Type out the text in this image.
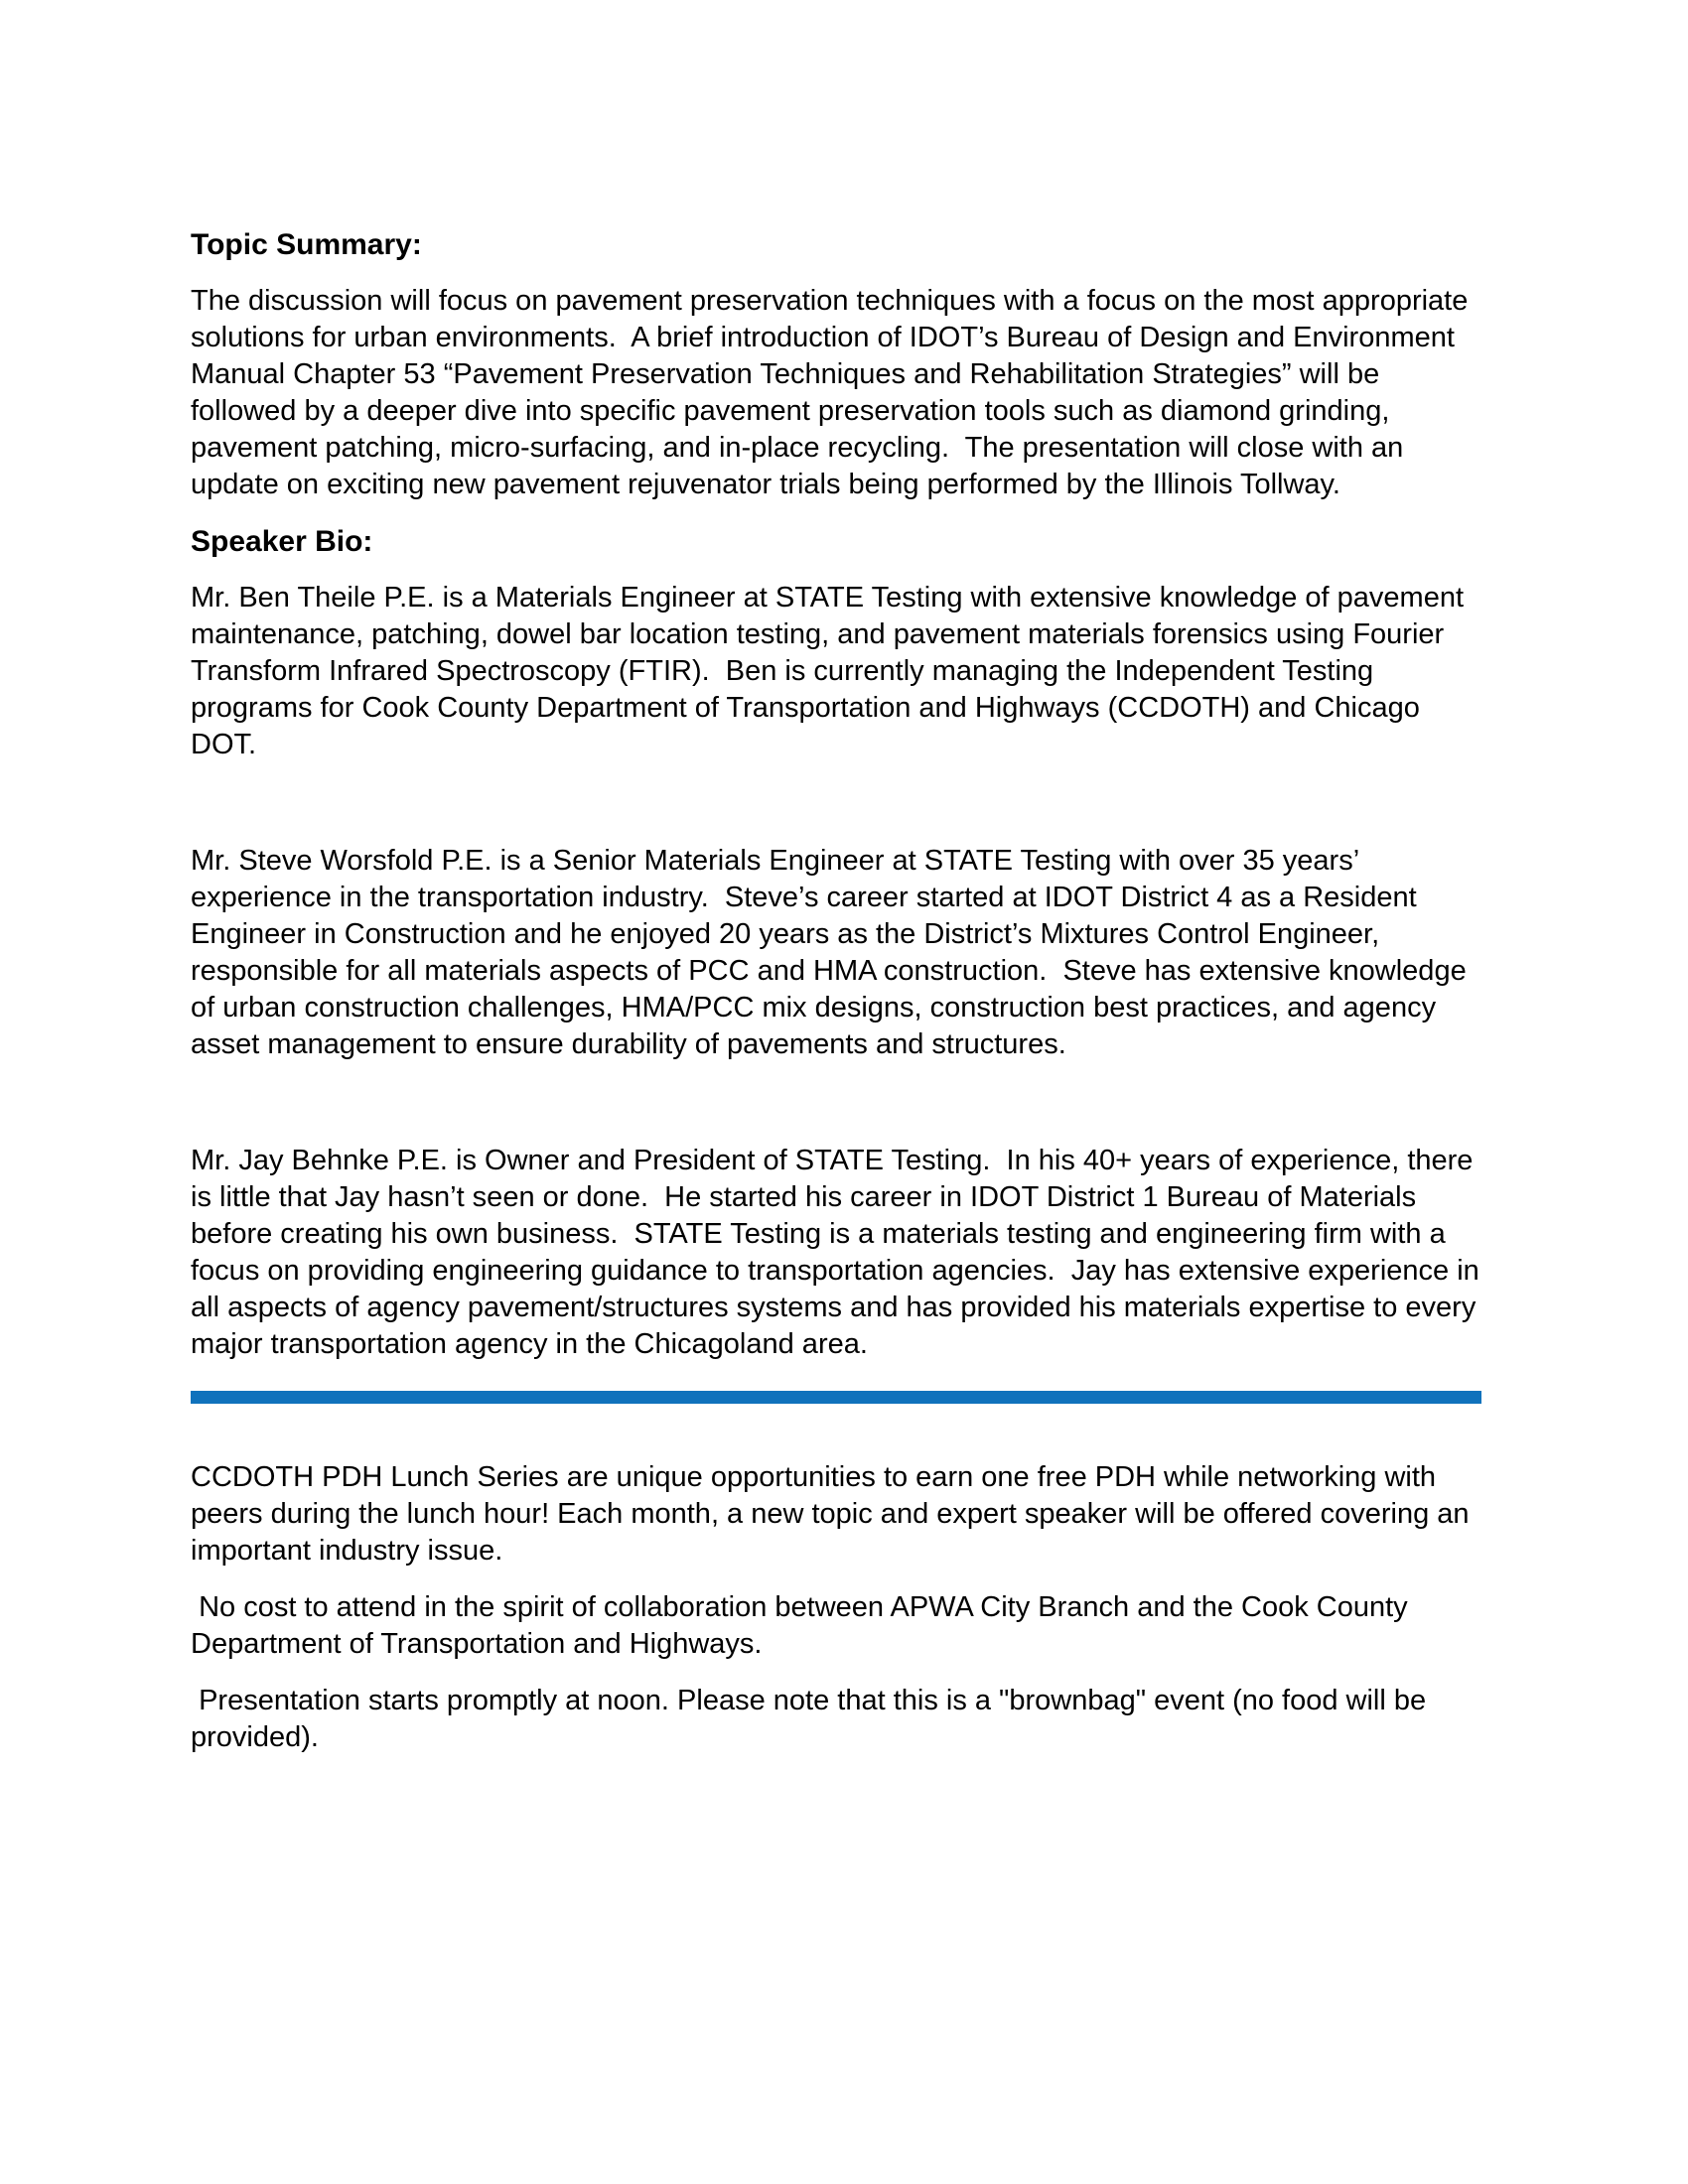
Topic Summary:

The discussion will focus on pavement preservation techniques with a focus on the most appropriate solutions for urban environments.  A brief introduction of IDOT’s Bureau of Design and Environment Manual Chapter 53 “Pavement Preservation Techniques and Rehabilitation Strategies” will be followed by a deeper dive into specific pavement preservation tools such as diamond grinding, pavement patching, micro-surfacing, and in-place recycling.  The presentation will close with an update on exciting new pavement rejuvenator trials being performed by the Illinois Tollway.

Speaker Bio:

Mr. Ben Theile P.E. is a Materials Engineer at STATE Testing with extensive knowledge of pavement maintenance, patching, dowel bar location testing, and pavement materials forensics using Fourier Transform Infrared Spectroscopy (FTIR).  Ben is currently managing the Independent Testing programs for Cook County Department of Transportation and Highways (CCDOTH) and Chicago DOT.

Mr. Steve Worsfold P.E. is a Senior Materials Engineer at STATE Testing with over 35 years’ experience in the transportation industry.  Steve’s career started at IDOT District 4 as a Resident Engineer in Construction and he enjoyed 20 years as the District’s Mixtures Control Engineer, responsible for all materials aspects of PCC and HMA construction.  Steve has extensive knowledge of urban construction challenges, HMA/PCC mix designs, construction best practices, and agency asset management to ensure durability of pavements and structures.

Mr. Jay Behnke P.E. is Owner and President of STATE Testing.  In his 40+ years of experience, there is little that Jay hasn’t seen or done.  He started his career in IDOT District 1 Bureau of Materials before creating his own business.  STATE Testing is a materials testing and engineering firm with a focus on providing engineering guidance to transportation agencies.  Jay has extensive experience in all aspects of agency pavement/structures systems and has provided his materials expertise to every major transportation agency in the Chicagoland area.

CCDOTH PDH Lunch Series are unique opportunities to earn one free PDH while networking with peers during the lunch hour! Each month, a new topic and expert speaker will be offered covering an important industry issue.

No cost to attend in the spirit of collaboration between APWA City Branch and the Cook County Department of Transportation and Highways.

Presentation starts promptly at noon. Please note that this is a "brownbag" event (no food will be provided).
